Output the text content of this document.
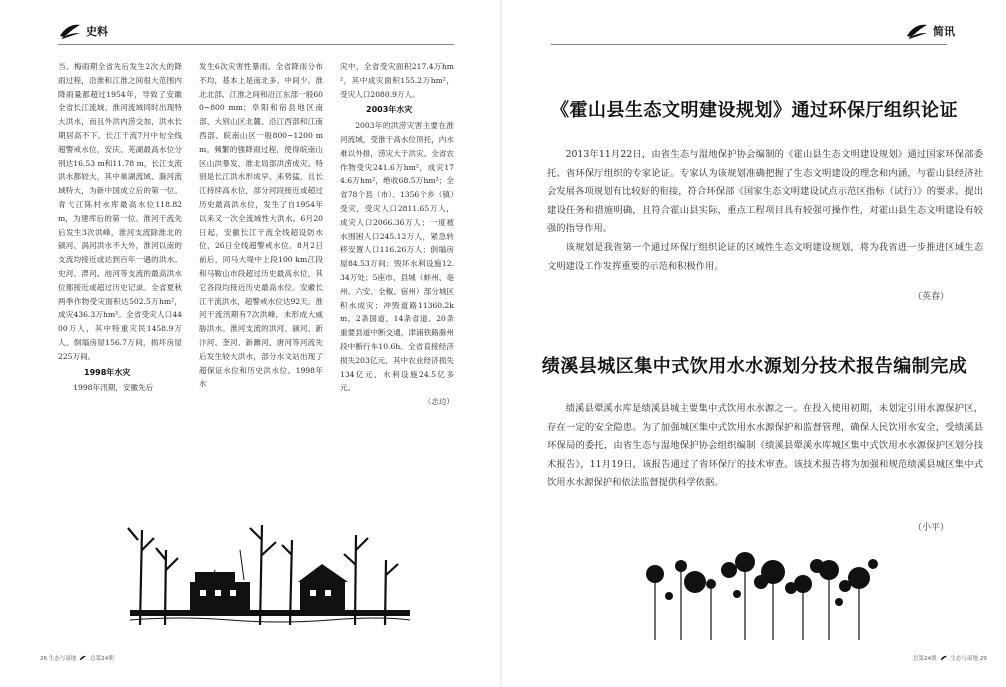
史料

当。梅雨期全省先后发生2次大的降雨过程，沿淮和江淮之间很大范围内降雨量都超过1954年，导致了安徽全省长江流域、淮河流域同时出现特大洪水，而且外洪内涝交加，洪水长期居高不下。长江干流7月中旬全线超警戒水位，安庆、芜湖最高水位分别达16.53 m和11.78 m，长江支流洪水都较大，其中巢湖流域、滁河流域特大，为新中国成立后的第一位。青弋江陈村水库最高水位118.82 m，为建库后的第一位。淮河干流先后发生3次洪峰，淮河支流除淮北的颍河、涡河洪水不大外，淮河以南的支流均接近或达到百年一遇的洪水。史河、淠河、池河等支流的最高洪水位都接近或超过历史记录。全省夏秋两季作物受灾面积达502.5万hm²，成灾436.3万hm²。全省受灾人口4400万人，其中特重灾民1458.9万人。倒塌房屋156.7万间，损坏房屋225万间。

1998年水灾

1998年汛期，安徽先后

发生6次灾害性暴雨。全省降雨分布不均，基本上是南北多、中间少。淮北北部、江淮之间和沿江东部一般600~800 mm；阜阳和宿县地区南部、大别山区北麓、沿江西部和江南西部、皖南山区一般800~1200 mm。频繁的强降雨过程，使得皖南山区山洪暴发，淮北局部洪涝成灾。特别是长江洪水形成早、来势猛，且长江持续高水位，部分河段接近或超过历史最高洪水位，发生了自1954年以来又一次全流域性大洪水。6月20日起，安徽长江干流全线超设防水位，26日全线超警戒水位。8月2日前后，同马大堤中上段100 km江段和马鞍山市段超过历史最高水位，其它各段均接近历史最高水位。安徽长江干流洪水，超警戒水位达92天。淮河干流汛期有7次洪峰，未形成大威胁洪水。淮河支流的洪河、颍河、新汴河、奎河、新濉河、唐河等河流先后发生较大洪水，部分水文站出现了超保证水位和历史洪水位。1998年水

灾中，全省受灾面积217.4万hm²，其中成灾面积155.2万hm²，受灾人口2080.9万人。

2003年水灾

2003年的洪涝灾害主要在淮河流域，受淮干高水位顶托，内水难以外排，涝灾大于洪灾。全省农作物受灾241.6万hm²，成灾174.6万hm²，绝收68.5万hm²；全省78个县（市）、1356个乡（镇）受灾，受灾人口2811.65万人，成灾人口2066.36万人；一度被水围困人口245.12万人，紧急转移安置人口116.26万人；倒塌房屋84.53万间；毁坏水利设施12.34万处；5座市、县城（蚌州、亳州、六安、全椒、宿州）部分城区积水成灾；冲毁道路11360.2km，2条国道、14条省道、20条重要县道中断交通，津浦铁路滁州段中断行车10.6h。全省直接经济损失203亿元，其中农业经济损失134亿元，水利设施24.5亿多元。

（志边）

26 生态与湿地	总第24期
简讯
《霍山县生态文明建设规划》通过环保厅组织论证

2013年11月22日，由省生态与湿地保护协会编制的《霍山县生态文明建设规划》通过国家环保部委托、省环保厅组织的专家论证。专家认为该规划准确把握了生态文明建设的理念和内涵，与霍山县经济社会发展各项规划有比较好的衔接，符合环保部《国家生态文明建设试点示范区指标（试行）》的要求。提出建设任务和措施明确，且符合霍山县实际，重点工程项目具有较强可操作性，对霍山县生态文明建设有较强的指导作用。

该规划是我省第一个通过环保厅组织论证的区域性生态文明建设规划，将为我省进一步推进区域生态文明建设工作发挥重要的示范和积极作用。

（英春）
绩溪县城区集中式饮用水水源划分技术报告编制完成

绩溪县翚溪水库是绩溪县城主要集中式饮用水水源之一。在投入使用初期，未划定引用水源保护区，存在一定的安全隐患。为了加强城区集中式饮用水水源保护和监督管理，确保人民饮用水安全，受绩溪县环保局的委托，由省生态与湿地保护协会组织编制《绩溪县翚溪水库城区集中式饮用水水源保护区划分技术报告》，11月19日，该报告通过了省环保厅的技术审查。该技术报告将为加强和规范绩溪县城区集中式饮用水水源保护和依法监督提供科学依据。

（小平）
总第24期	生态与湿地 29
